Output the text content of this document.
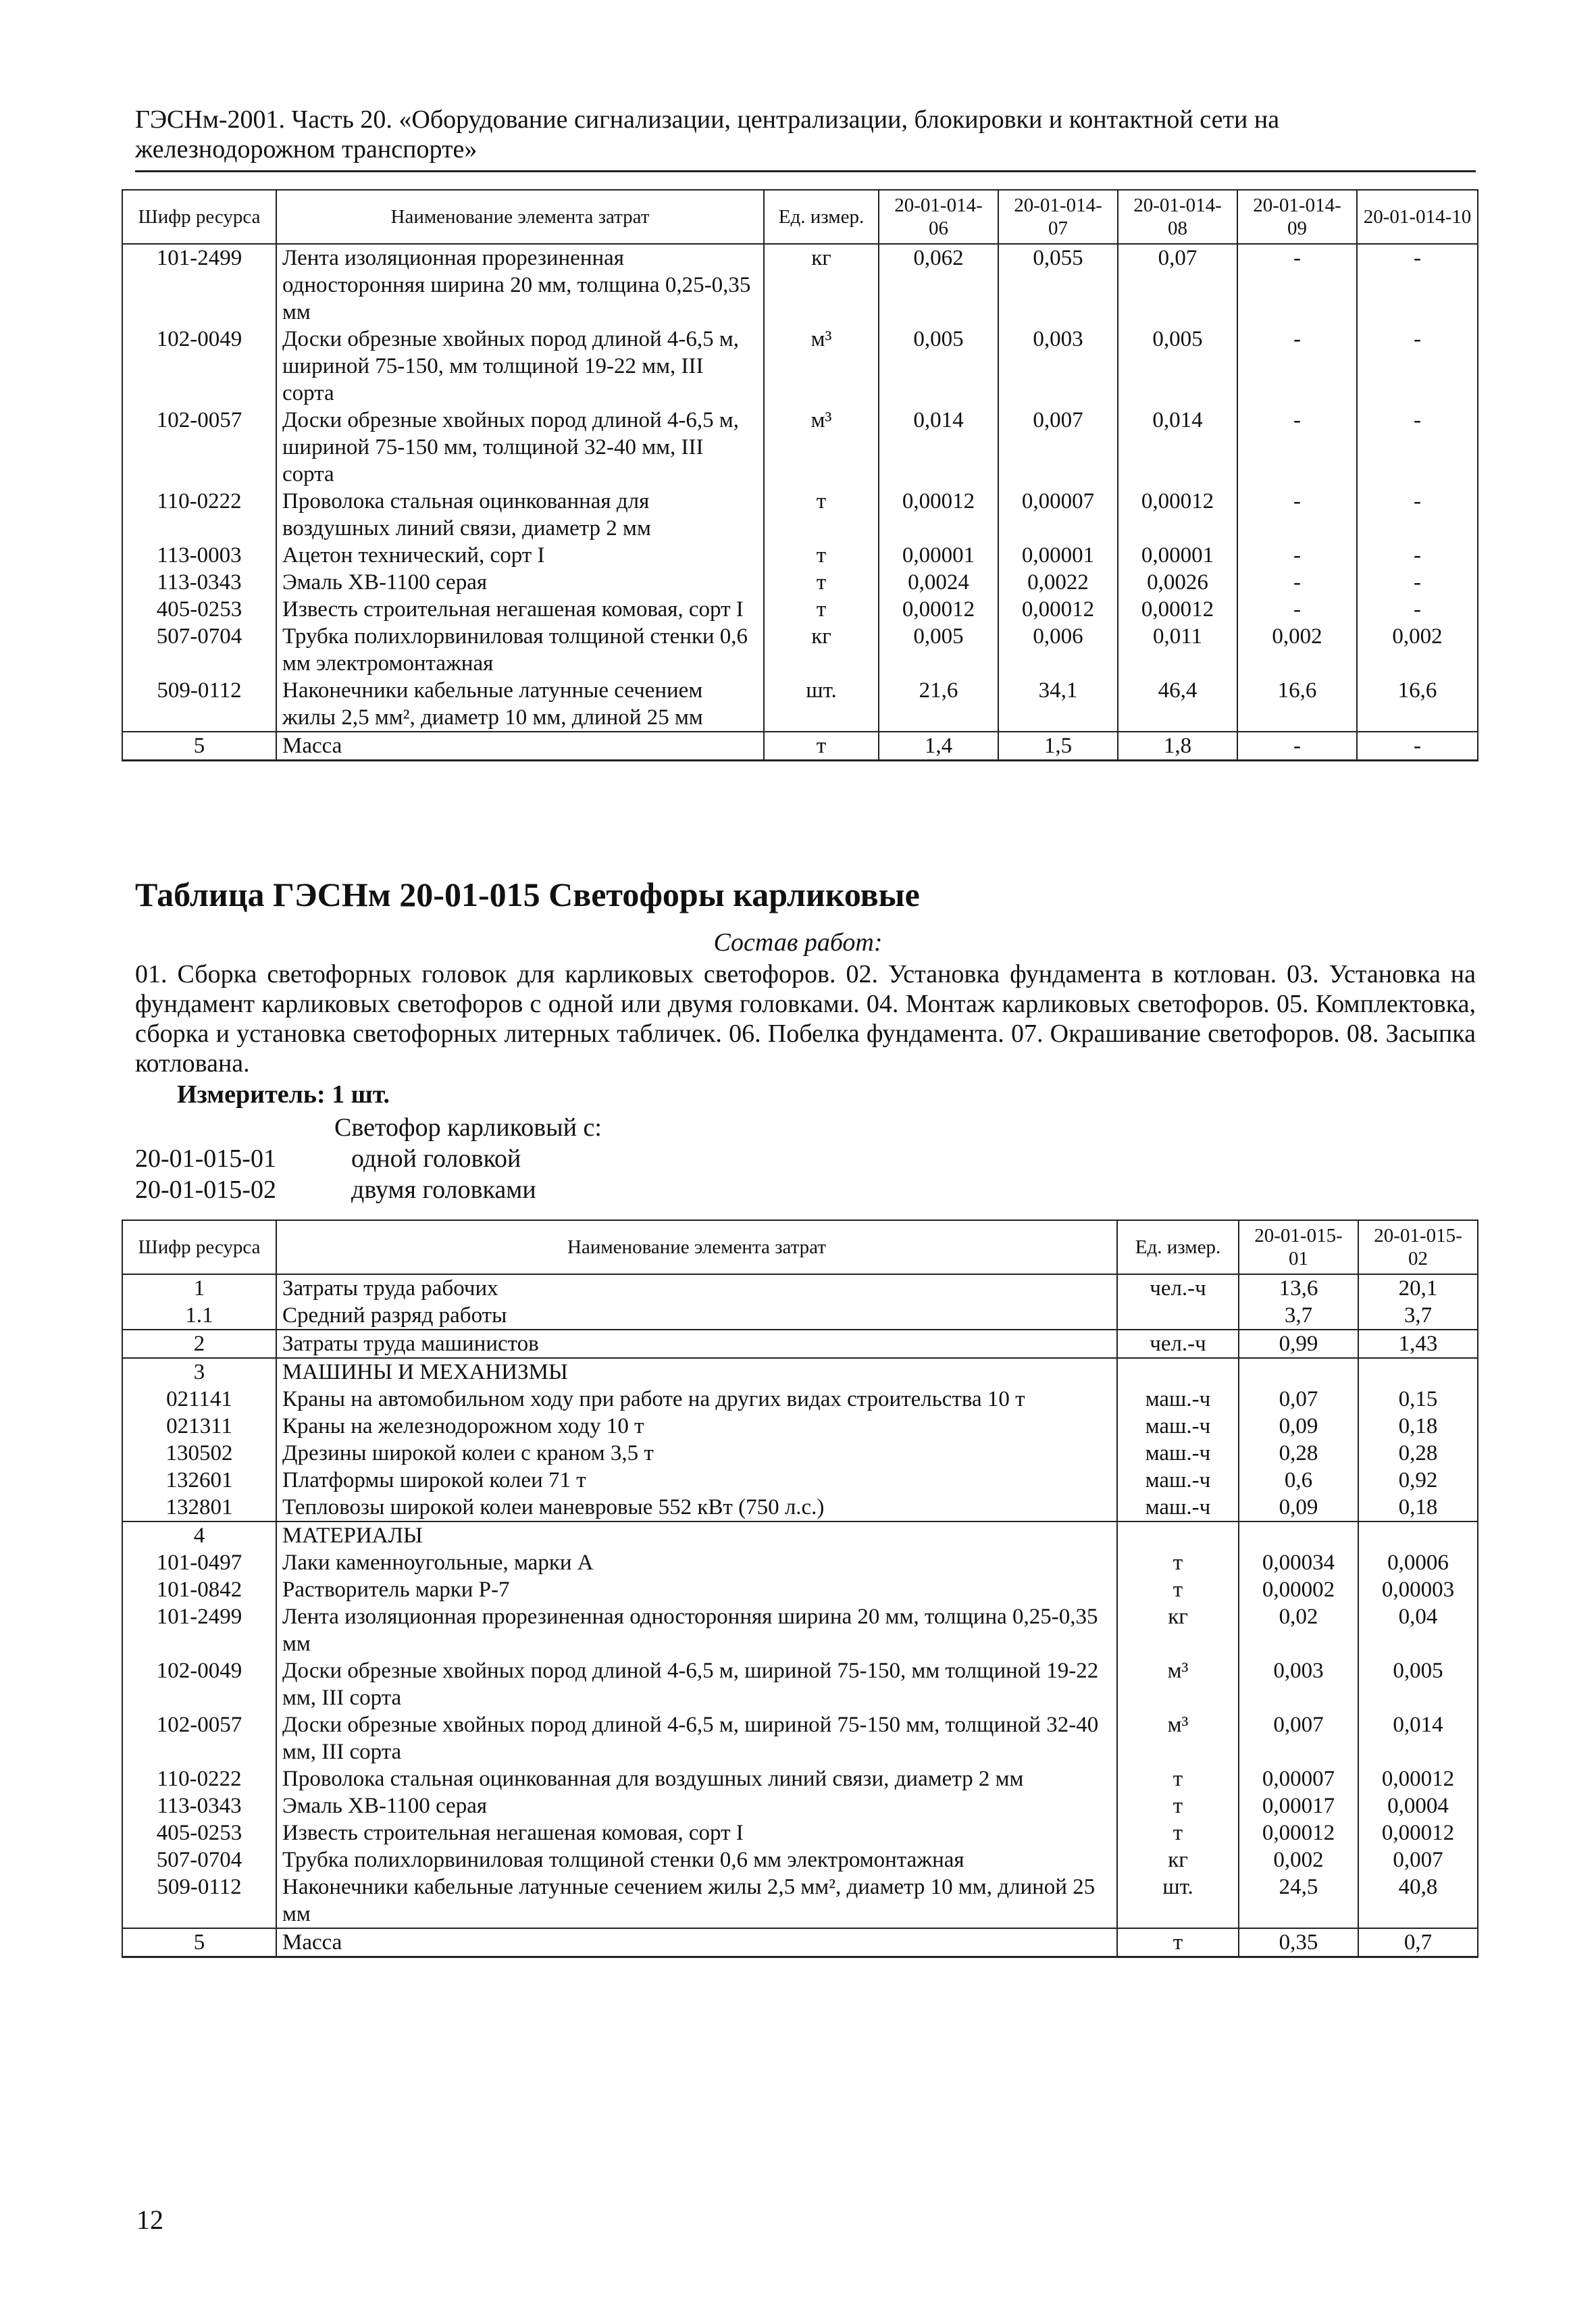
ГЭСНм-2001. Часть 20. «Оборудование сигнализации, централизации, блокировки и контактной сети на
железнодорожном транспорте»
Шифр ресурса	Наименование элемента затрат	Ед. измер.	20-01-014-06	20-01-014-07	20-01-014-08	20-01-014-09	20-01-014-10
101-2499	Лента изоляционная прорезиненная односторонняя ширина 20 мм, толщина 0,25-0,35 мм	кг	0,062	0,055	0,07	-	-
102-0049	Доски обрезные хвойных пород длиной 4-6,5 м, шириной 75-150, мм толщиной 19-22 мм, III сорта	м³	0,005	0,003	0,005	-	-
102-0057	Доски обрезные хвойных пород длиной 4-6,5 м, шириной 75-150 мм, толщиной 32-40 мм, III сорта	м³	0,014	0,007	0,014	-	-
110-0222	Проволока стальная оцинкованная для воздушных линий связи, диаметр 2 мм	т	0,00012	0,00007	0,00012	-	-
113-0003	Ацетон технический, сорт I	т	0,00001	0,00001	0,00001	-	-
113-0343	Эмаль ХВ-1100 серая	т	0,0024	0,0022	0,0026	-	-
405-0253	Известь строительная негашеная комовая, сорт I	т	0,00012	0,00012	0,00012	-	-
507-0704	Трубка полихлорвиниловая толщиной стенки 0,6 мм электромонтажная	кг	0,005	0,006	0,011	0,002	0,002
509-0112	Наконечники кабельные латунные сечением жилы 2,5 мм², диаметр 10 мм, длиной 25 мм	шт.	21,6	34,1	46,4	16,6	16,6
5	Масса	т	1,4	1,5	1,8	-	-
Таблица ГЭСНм 20-01-015 Светофоры карликовые
Состав работ:
01. Сборка светофорных головок для карликовых светофоров. 02. Установка фундамента в котлован. 03. Установка на фундамент карликовых светофоров с одной или двумя головками. 04. Монтаж карликовых светофоров. 05. Комплектовка, сборка и установка светофорных литерных табличек. 06. Побелка фундамента. 07. Окрашивание светофоров. 08. Засыпка котлована.
Измеритель: 1 шт.
Светофор карликовый с:
20-01-015-01	одной головкой
20-01-015-02	двумя головками
Шифр ресурса	Наименование элемента затрат	Ед. измер.	20-01-015-01	20-01-015-02
1	Затраты труда рабочих	чел.-ч	13,6	20,1
1.1	Средний разряд работы		3,7	3,7
2	Затраты труда машинистов	чел.-ч	0,99	1,43
3	МАШИНЫ И МЕХАНИЗМЫ			
021141	Краны на автомобильном ходу при работе на других видах строительства 10 т	маш.-ч	0,07	0,15
021311	Краны на железнодорожном ходу 10 т	маш.-ч	0,09	0,18
130502	Дрезины широкой колеи с краном 3,5 т	маш.-ч	0,28	0,28
132601	Платформы широкой колеи 71 т	маш.-ч	0,6	0,92
132801	Тепловозы широкой колеи маневровые 552 кВт (750 л.с.)	маш.-ч	0,09	0,18
4	МАТЕРИАЛЫ			
101-0497	Лаки каменноугольные, марки А	т	0,00034	0,0006
101-0842	Растворитель марки Р-7	т	0,00002	0,00003
101-2499	Лента изоляционная прорезиненная односторонняя ширина 20 мм, толщина 0,25-0,35 мм	кг	0,02	0,04
102-0049	Доски обрезные хвойных пород длиной 4-6,5 м, шириной 75-150, мм толщиной 19-22 мм, III сорта	м³	0,003	0,005
102-0057	Доски обрезные хвойных пород длиной 4-6,5 м, шириной 75-150 мм, толщиной 32-40 мм, III сорта	м³	0,007	0,014
110-0222	Проволока стальная оцинкованная для воздушных линий связи, диаметр 2 мм	т	0,00007	0,00012
113-0343	Эмаль ХВ-1100 серая	т	0,00017	0,0004
405-0253	Известь строительная негашеная комовая, сорт I	т	0,00012	0,00012
507-0704	Трубка полихлорвиниловая толщиной стенки 0,6 мм электромонтажная	кг	0,002	0,007
509-0112	Наконечники кабельные латунные сечением жилы 2,5 мм², диаметр 10 мм, длиной 25 мм	шт.	24,5	40,8
5	Масса	т	0,35	0,7
12
